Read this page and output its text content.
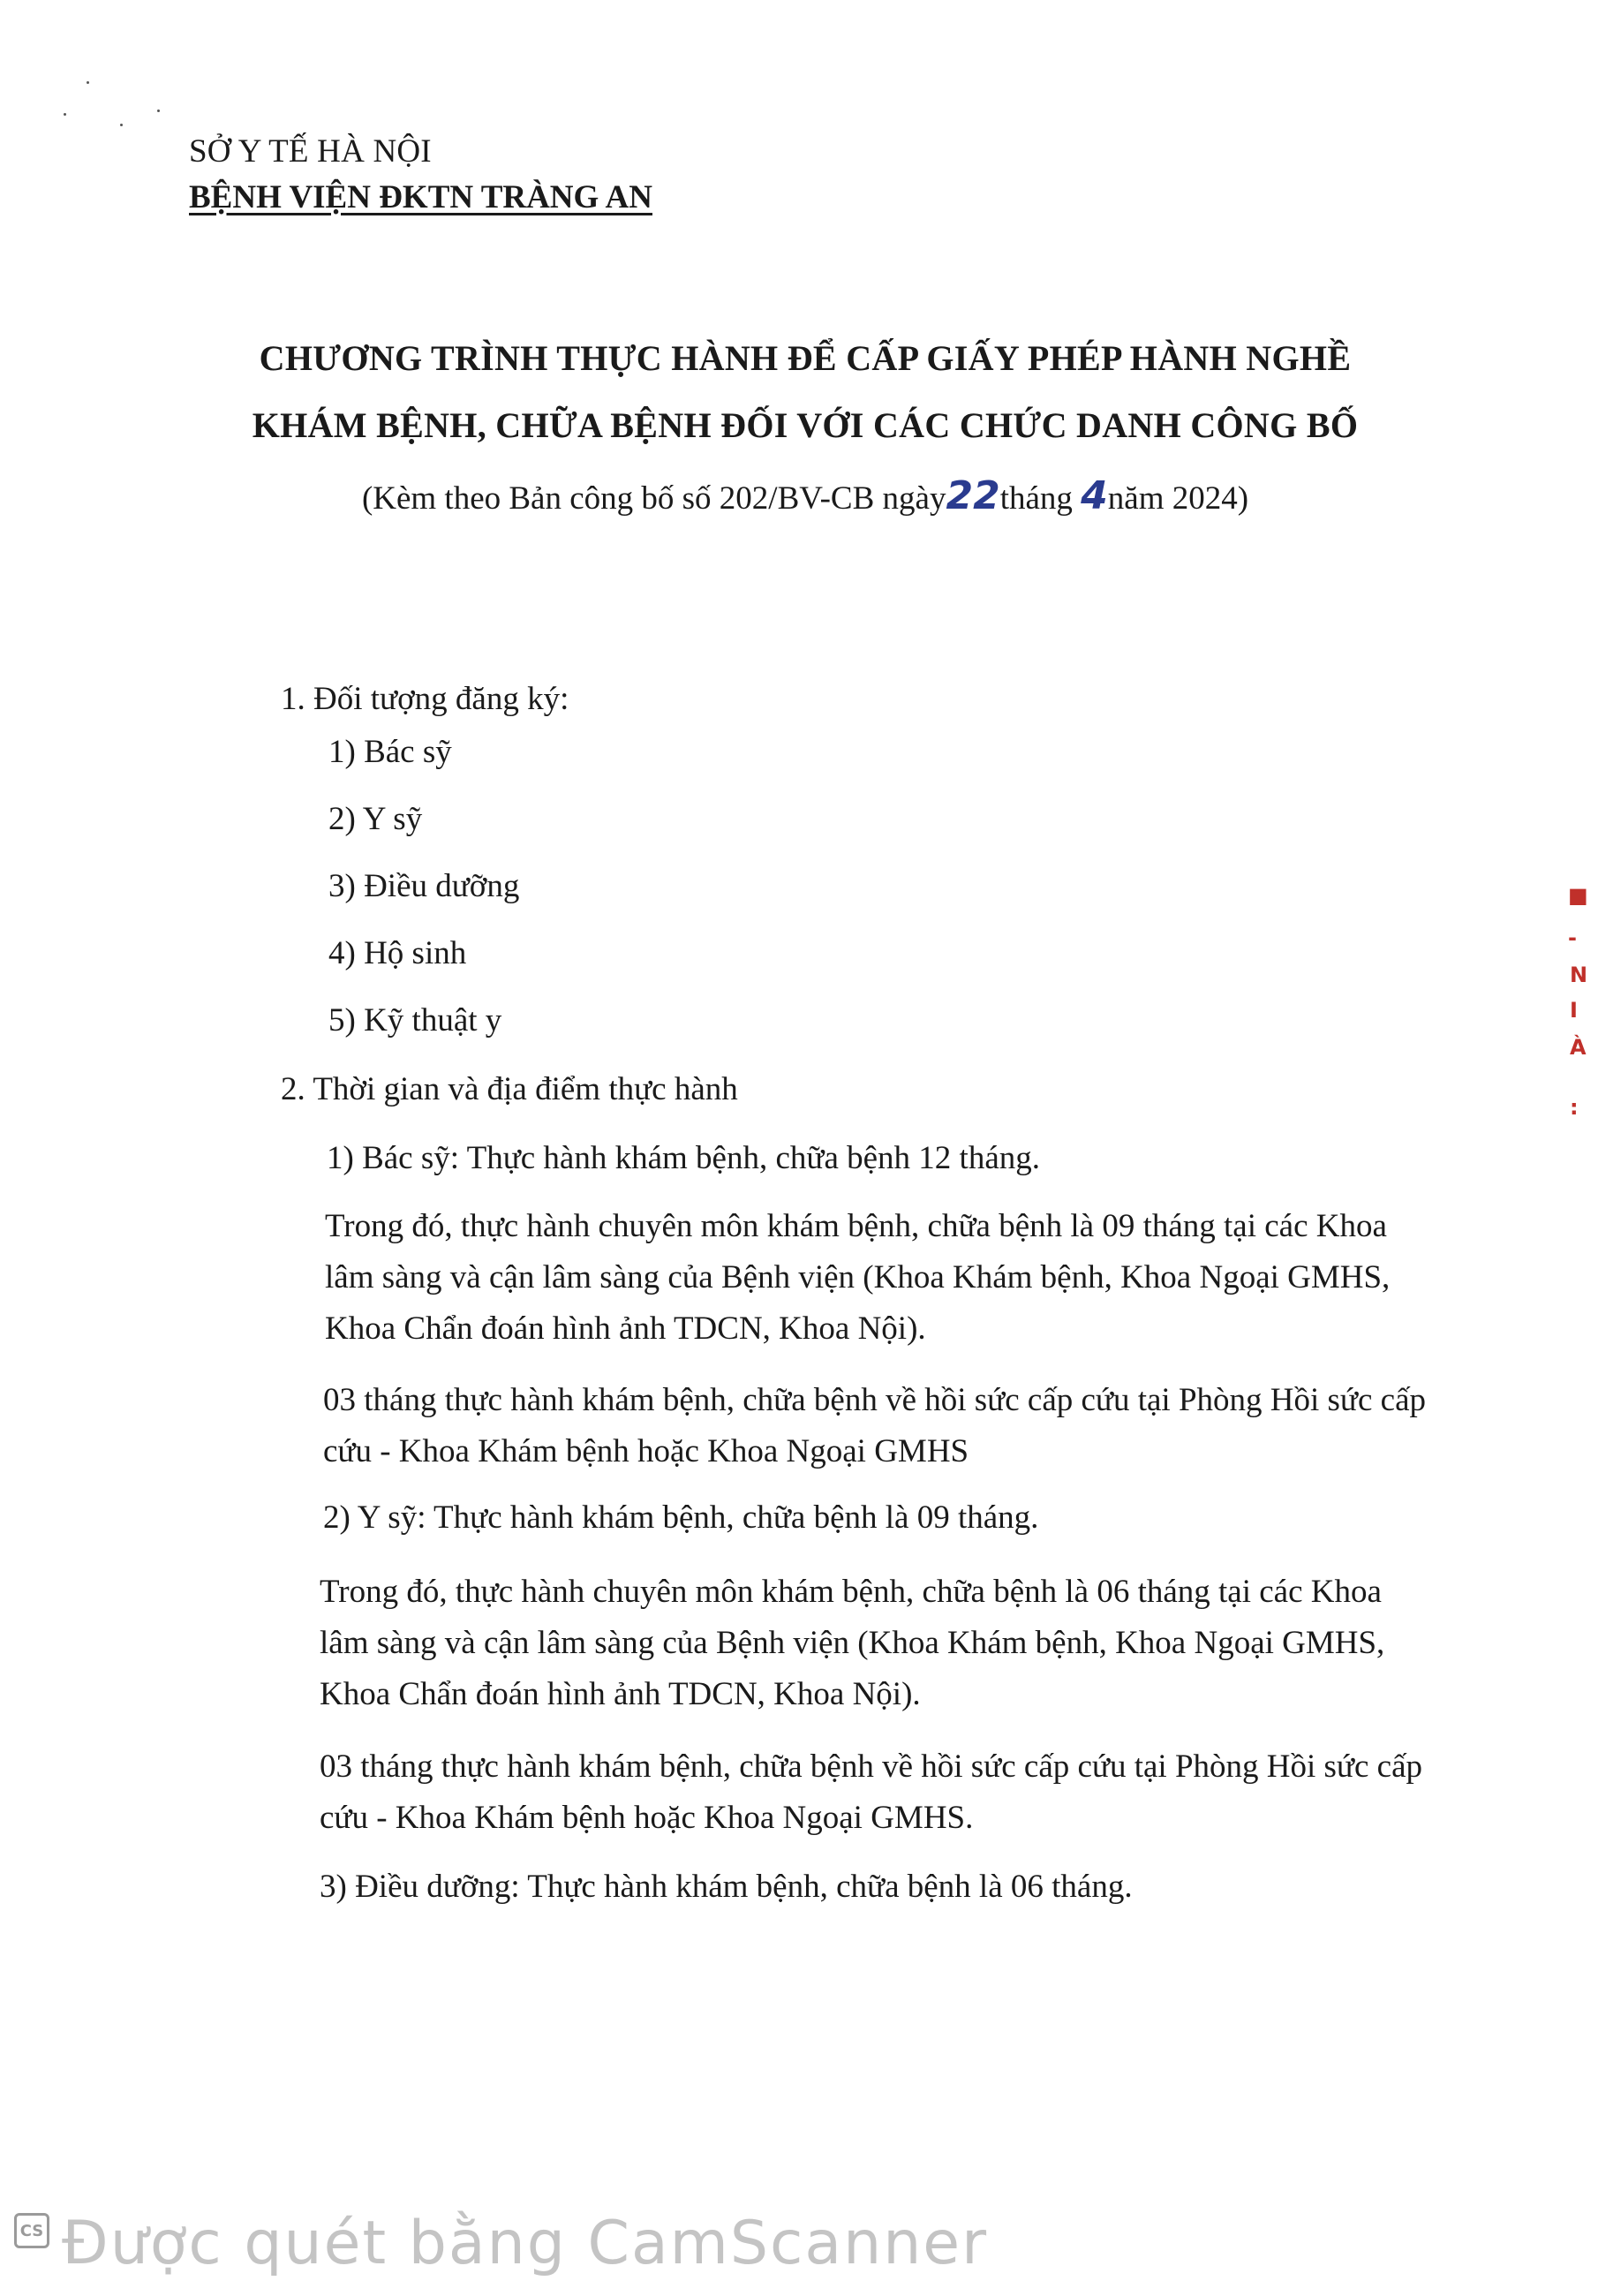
SỞ Y TẾ HÀ NỘI
BỆNH VIỆN ĐKTN TRÀNG AN
CHƯƠNG TRÌNH THỰC HÀNH ĐỂ CẤP GIẤY PHÉP HÀNH NGHỀ
KHÁM BỆNH, CHỮA BỆNH ĐỐI VỚI CÁC CHỨC DANH CÔNG BỐ
(Kèm theo Bản công bố số 202/BV-CB ngày22tháng 4năm 2024)
1. Đối tượng đăng ký:
1) Bác sỹ
2) Y sỹ
3) Điều dưỡng
4) Hộ sinh
5) Kỹ thuật y
2. Thời gian và địa điểm thực hành
1) Bác sỹ: Thực hành khám bệnh, chữa bệnh 12 tháng.
Trong đó, thực hành chuyên môn khám bệnh, chữa bệnh là 09 tháng tại các Khoa lâm sàng và cận lâm sàng của Bệnh viện (Khoa Khám bệnh, Khoa Ngoại GMHS, Khoa Chẩn đoán hình ảnh TDCN, Khoa Nội).
03 tháng thực hành khám bệnh, chữa bệnh về hồi sức cấp cứu tại Phòng Hồi sức cấp cứu - Khoa Khám bệnh hoặc Khoa Ngoại GMHS
2) Y sỹ: Thực hành khám bệnh, chữa bệnh là 09 tháng.
Trong đó, thực hành chuyên môn khám bệnh, chữa bệnh là 06 tháng tại các Khoa lâm sàng và cận lâm sàng của Bệnh viện (Khoa Khám bệnh, Khoa Ngoại GMHS, Khoa Chẩn đoán hình ảnh TDCN, Khoa Nội).
03 tháng thực hành khám bệnh, chữa bệnh về hồi sức cấp cứu tại Phòng Hồi sức cấp cứu - Khoa Khám bệnh hoặc Khoa Ngoại GMHS.
3) Điều dưỡng: Thực hành khám bệnh, chữa bệnh là 06 tháng.
■
-
N
I
À
:
CS Được quét bằng CamScanner
